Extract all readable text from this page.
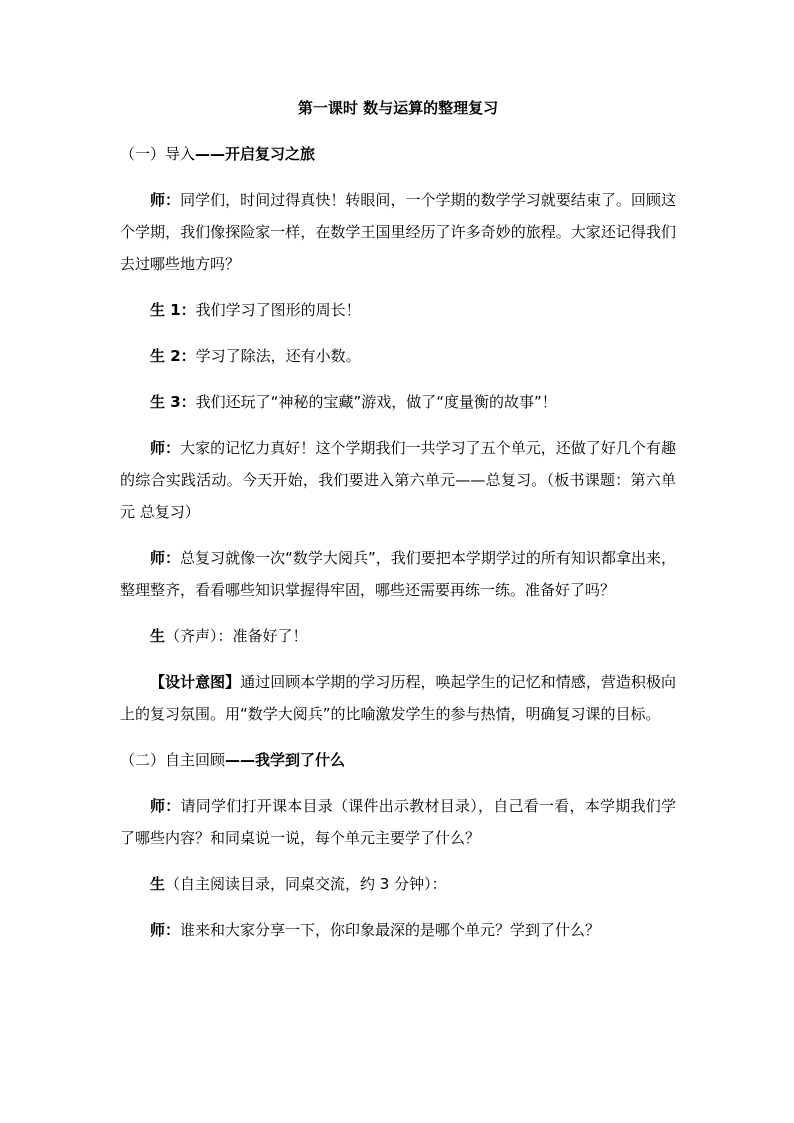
第一课时 数与运算的整理复习
（一）导入——开启复习之旅

师：同学们，时间过得真快！转眼间，一个学期的数学学习就要结束了。回顾这个学期，我们像探险家一样，在数学王国里经历了许多奇妙的旅程。大家还记得我们去过哪些地方吗？

生 1：我们学习了图形的周长！

生 2：学习了除法，还有小数。

生 3：我们还玩了“神秘的宝藏”游戏，做了“度量衡的故事”！

师：大家的记忆力真好！这个学期我们一共学习了五个单元，还做了好几个有趣的综合实践活动。今天开始，我们要进入第六单元——总复习。（板书课题：第六单元 总复习）

师：总复习就像一次“数学大阅兵”，我们要把本学期学过的所有知识都拿出来，整理整齐，看看哪些知识掌握得牢固，哪些还需要再练一练。准备好了吗？

生（齐声）：准备好了！

【设计意图】通过回顾本学期的学习历程，唤起学生的记忆和情感，营造积极向上的复习氛围。用“数学大阅兵”的比喻激发学生的参与热情，明确复习课的目标。

（二）自主回顾——我学到了什么

师：请同学们打开课本目录（课件出示教材目录），自己看一看，本学期我们学了哪些内容？和同桌说一说，每个单元主要学了什么？

生（自主阅读目录，同桌交流，约 3 分钟）：

师：谁来和大家分享一下，你印象最深的是哪个单元？学到了什么？
